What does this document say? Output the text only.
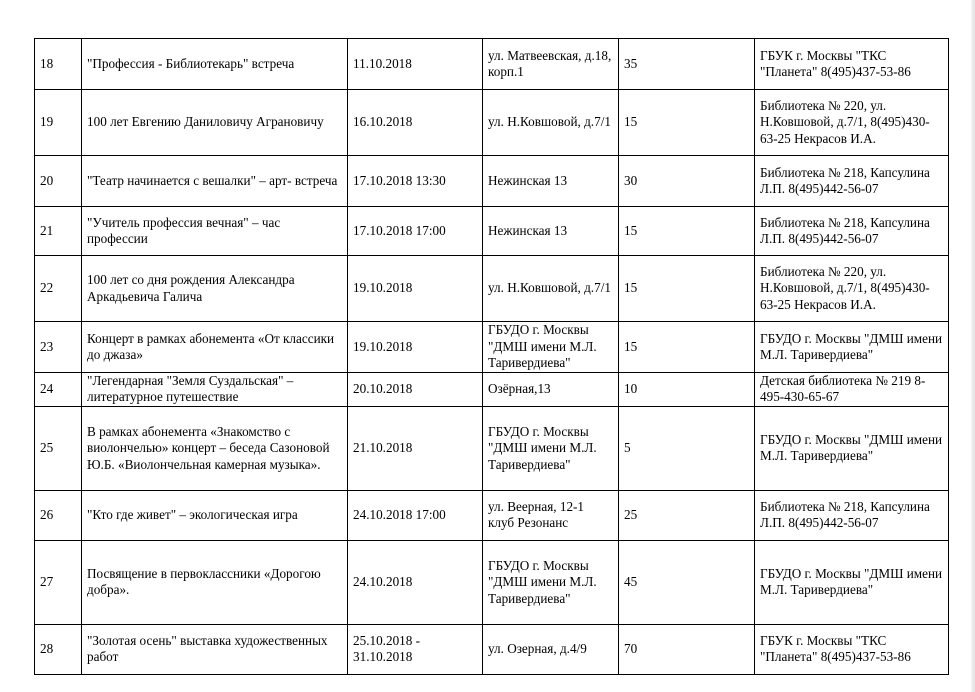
18	"Профессия - Библиотекарь" встреча	11.10.2018	ул. Матвеевская, д.18, корп.1	35	ГБУК г. Москвы "ТКС "Планета" 8(495)437-53-86
19	100 лет Евгению Даниловичу Аграновичу	16.10.2018	ул. Н.Ковшовой, д.7/1	15	Библиотека № 220, ул. Н.Ковшовой, д.7/1, 8(495)430-63-25 Некрасов И.А.
20	"Театр начинается с вешалки" – арт- встреча	17.10.2018 13:30	Нежинская 13	30	Библиотека № 218, Капсулина Л.П. 8(495)442-56-07
21	"Учитель профессия вечная" – час профессии	17.10.2018 17:00	Нежинская 13	15	Библиотека № 218, Капсулина Л.П. 8(495)442-56-07
22	100 лет со дня рождения Александра Аркадьевича Галича	19.10.2018	ул. Н.Ковшовой, д.7/1	15	Библиотека № 220, ул. Н.Ковшовой, д.7/1, 8(495)430-63-25 Некрасов И.А.
23	Концерт в рамках абонемента «От классики до джаза»	19.10.2018	ГБУДО г. Москвы "ДМШ имени М.Л. Таривердиева"	15	ГБУДО г. Москвы "ДМШ имени М.Л. Таривердиева"
24	"Легендарная "Земля Суздальская" – литературное путешествие	20.10.2018	Озёрная,13	10	Детская библиотека № 219 8-495-430-65-67
25	В рамках абонемента «Знакомство с виолончелью» концерт – беседа Сазоновой Ю.Б. «Виолончельная камерная музыка».	21.10.2018	ГБУДО г. Москвы "ДМШ имени М.Л. Таривердиева"	5	ГБУДО г. Москвы "ДМШ имени М.Л. Таривердиева"
26	"Кто где живет" – экологическая игра	24.10.2018 17:00	ул. Веерная, 12-1 клуб Резонанс	25	Библиотека № 218, Капсулина Л.П. 8(495)442-56-07
27	Посвящение в первоклассники «Дорогою добра».	24.10.2018	ГБУДО г. Москвы "ДМШ имени М.Л. Таривердиева"	45	ГБУДО г. Москвы "ДМШ имени М.Л. Таривердиева"
28	"Золотая осень" выставка художественных работ	25.10.2018 - 31.10.2018	ул. Озерная, д.4/9	70	ГБУК г. Москвы "ТКС "Планета" 8(495)437-53-86
